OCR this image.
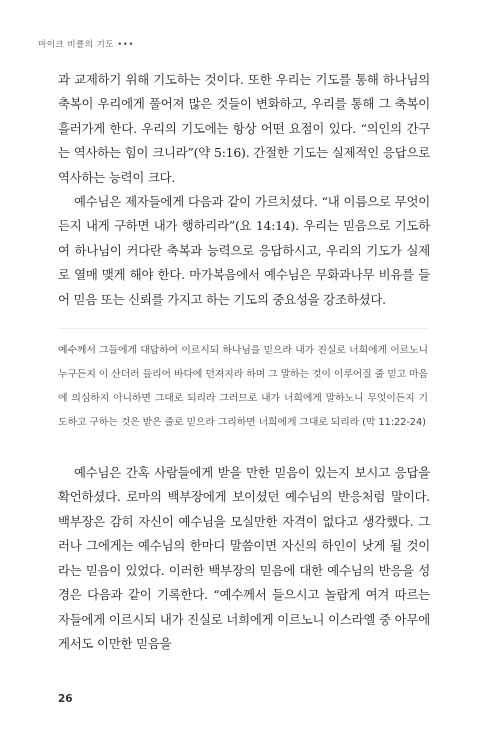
마이크 비클의 기도 •••

과 교제하기 위해 기도하는 것이다. 또한 우리는 기도를 통해 하나님의 축복이 우리에게 풀어져 많은 것들이 변화하고, 우리를 통해 그 축복이 흘러가게 한다. 우리의 기도에는 항상 어떤 요점이 있다. “의인의 간구는 역사하는 힘이 크니라”(약 5:16). 간절한 기도는 실제적인 응답으로 역사하는 능력이 크다.

예수님은 제자들에게 다음과 같이 가르치셨다. “내 이름으로 무엇이든지 내게 구하면 내가 행하리라”(요 14:14). 우리는 믿음으로 기도하여 하나님이 커다란 축복과 능력으로 응답하시고, 우리의 기도가 실제로 열매 맺게 해야 한다. 마가복음에서 예수님은 무화과나무 비유를 들어 믿음 또는 신뢰를 가지고 하는 기도의 중요성을 강조하셨다.

예수께서 그들에게 대답하여 이르시되 하나님을 믿으라 내가 진실로 너희에게 이르노니 누구든지 이 산더러 들리어 바다에 던져지라 하며 그 말하는 것이 이루어질 줄 믿고 마음에 의심하지 아니하면 그대로 되리라 그러므로 내가 너희에게 말하노니 무엇이든지 기도하고 구하는 것은 받은 줄로 믿으라 그리하면 너희에게 그대로 되리라 (막 11:22-24)

예수님은 간혹 사람들에게 받을 만한 믿음이 있는지 보시고 응답을 확언하셨다. 로마의 백부장에게 보이셨던 예수님의 반응처럼 말이다. 백부장은 감히 자신이 예수님을 모실만한 자격이 없다고 생각했다. 그러나 그에게는 예수님의 한마디 말씀이면 자신의 하인이 낫게 될 것이라는 믿음이 있었다. 이러한 백부장의 믿음에 대한 예수님의 반응을 성경은 다음과 같이 기록한다. “예수께서 들으시고 놀랍게 여겨 따르는 자들에게 이르시되 내가 진실로 너희에게 이르노니 이스라엘 중 아무에게서도 이만한 믿음을

26
